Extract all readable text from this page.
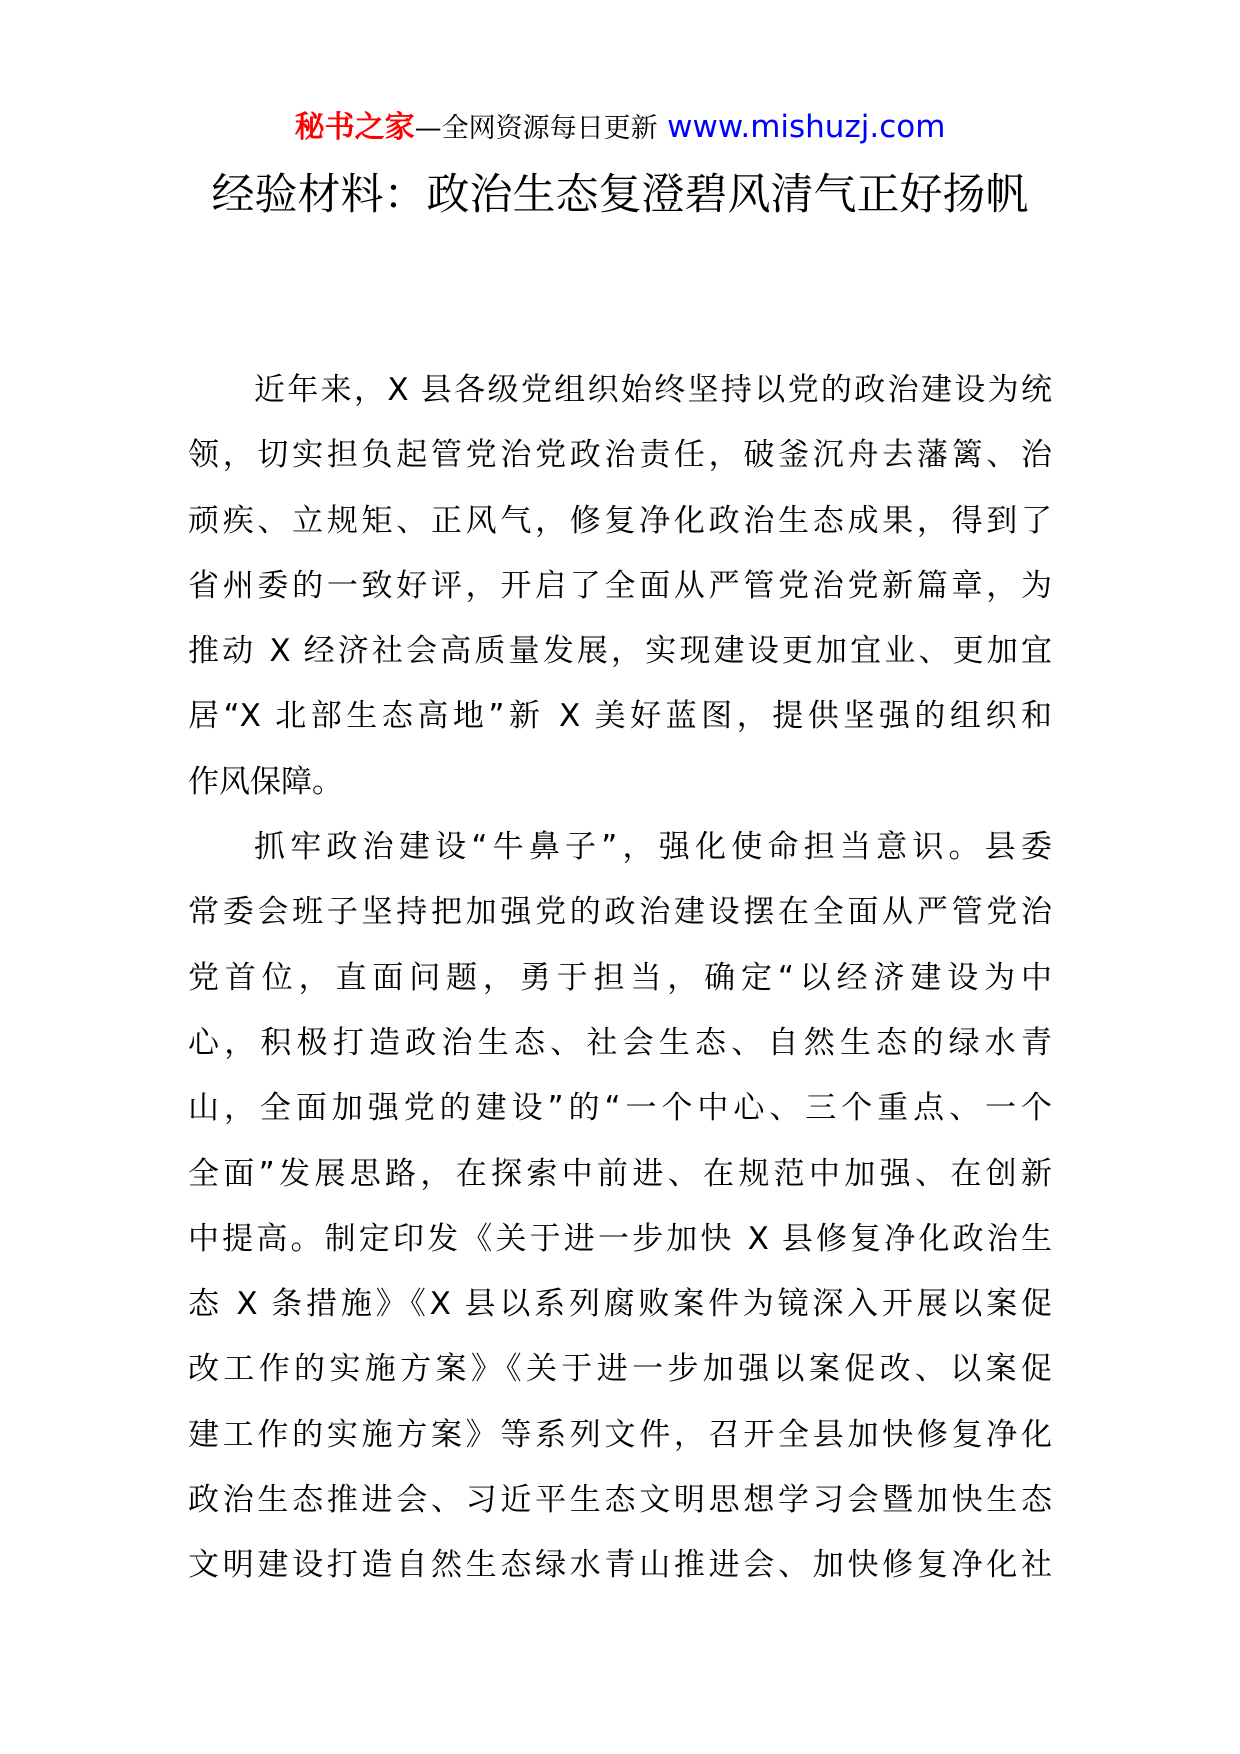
秘书之家—全网资源每日更新 www.mishuzj.com
经验材料：政治生态复澄碧风清气正好扬帆
近年来，X 县各级党组织始终坚持以党的政治建设为统
领，切实担负起管党治党政治责任，破釜沉舟去藩篱、治
顽疾、立规矩、正风气，修复净化政治生态成果，得到了
省州委的一致好评，开启了全面从严管党治党新篇章，为
推动 X 经济社会高质量发展，实现建设更加宜业、更加宜
居“X 北部生态高地”新 X 美好蓝图，提供坚强的组织和
作风保障。
抓牢政治建设“牛鼻子”，强化使命担当意识。县委
常委会班子坚持把加强党的政治建设摆在全面从严管党治
党首位，直面问题，勇于担当，确定“以经济建设为中
心，积极打造政治生态、社会生态、自然生态的绿水青
山，全面加强党的建设”的“一个中心、三个重点、一个
全面”发展思路，在探索中前进、在规范中加强、在创新
中提高。制定印发《关于进一步加快 X 县修复净化政治生
态 X 条措施》《X 县以系列腐败案件为镜深入开展以案促
改工作的实施方案》《关于进一步加强以案促改、以案促
建工作的实施方案》等系列文件，召开全县加快修复净化
政治生态推进会、习近平生态文明思想学习会暨加快生态
文明建设打造自然生态绿水青山推进会、加快修复净化社
